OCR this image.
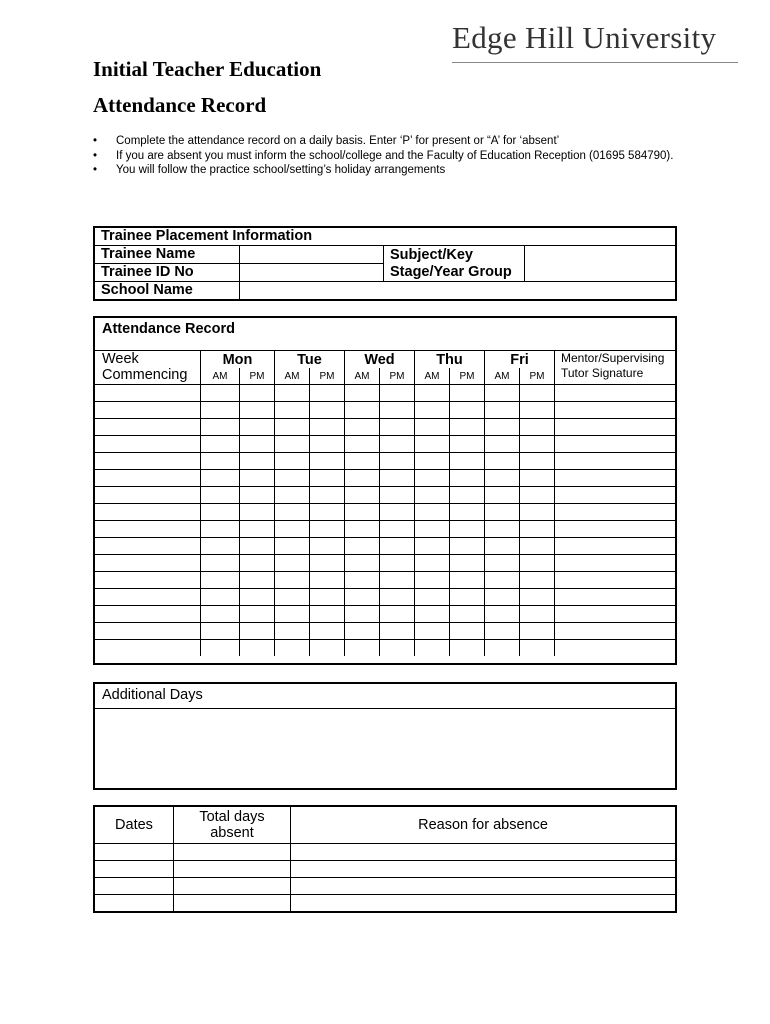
Edge Hill University
Initial Teacher Education
Attendance Record
• Complete the attendance record on a daily basis. Enter ‘P’ for present or “A’ for ‘absent’
• If you are absent you must inform the school/college and the Faculty of Education Reception (01695 584790).
• You will follow the practice school/setting’s holiday arrangements
Trainee Placement Information			
Trainee Name		Subject/Key Stage/Year Group	
Trainee ID No			
School Name			
Attendance Record
Week Commencing	Mon		Tue		Wed		Thu		Fri		Mentor/Supervising Tutor Signature
	AM	PM	AM	PM	AM	PM	AM	PM	AM	PM	

Additional Days
Dates	Total days absent	Reason for absence
